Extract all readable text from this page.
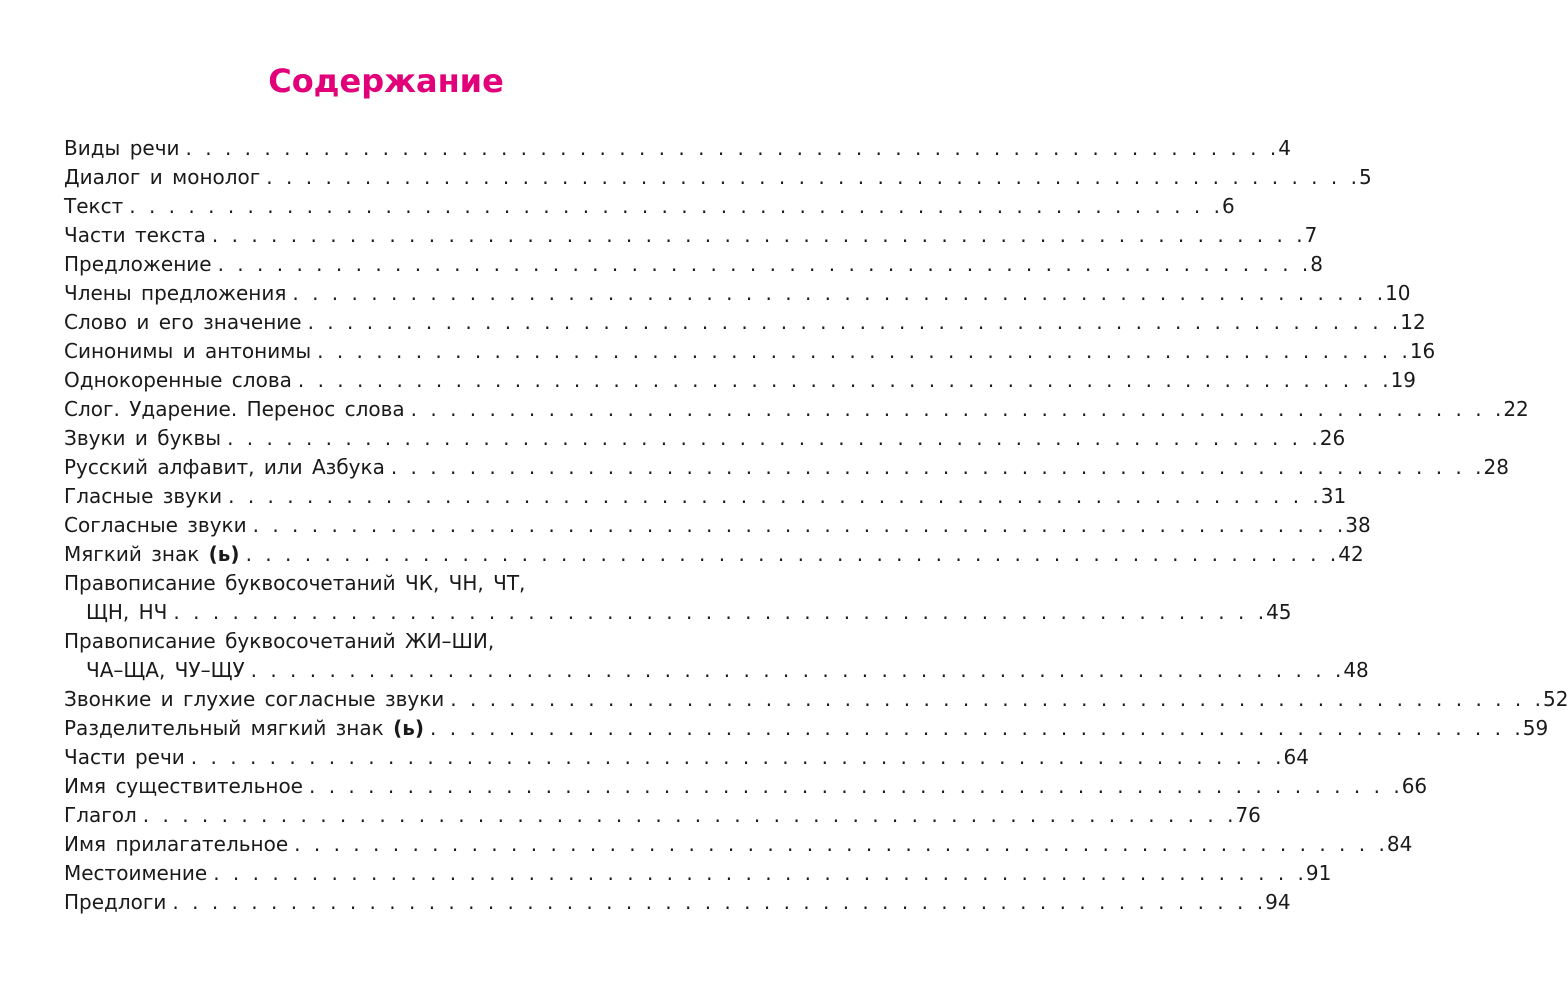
Содержание
Виды речи . . . . . . . . . . . . . . . . . . . . . . . . . . . . . . . . . . . . . . . . . . . . . . . . . . . . . . . . 4
Диалог и монолог . . . . . . . . . . . . . . . . . . . . . . . . . . . . . . . . . . . . . . . . . . . . . . . . . . . . . . . . 5
Текст . . . . . . . . . . . . . . . . . . . . . . . . . . . . . . . . . . . . . . . . . . . . . . . . . . . . . . . . 6
Части текста . . . . . . . . . . . . . . . . . . . . . . . . . . . . . . . . . . . . . . . . . . . . . . . . . . . . . . . . 7
Предложение . . . . . . . . . . . . . . . . . . . . . . . . . . . . . . . . . . . . . . . . . . . . . . . . . . . . . . . . 8
Члены предложения . . . . . . . . . . . . . . . . . . . . . . . . . . . . . . . . . . . . . . . . . . . . . . . . . . . . . . . . 10
Слово и его значение . . . . . . . . . . . . . . . . . . . . . . . . . . . . . . . . . . . . . . . . . . . . . . . . . . . . . . . . 12
Синонимы и антонимы . . . . . . . . . . . . . . . . . . . . . . . . . . . . . . . . . . . . . . . . . . . . . . . . . . . . . . . . 16
Однокоренные слова . . . . . . . . . . . . . . . . . . . . . . . . . . . . . . . . . . . . . . . . . . . . . . . . . . . . . . . . 19
Слог. Ударение. Перенос слова . . . . . . . . . . . . . . . . . . . . . . . . . . . . . . . . . . . . . . . . . . . . . . . . . . . . . . . . 22
Звуки и буквы . . . . . . . . . . . . . . . . . . . . . . . . . . . . . . . . . . . . . . . . . . . . . . . . . . . . . . . . 26
Русский алфавит, или Азбука . . . . . . . . . . . . . . . . . . . . . . . . . . . . . . . . . . . . . . . . . . . . . . . . . . . . . . . . 28
Гласные звуки . . . . . . . . . . . . . . . . . . . . . . . . . . . . . . . . . . . . . . . . . . . . . . . . . . . . . . . . 31
Согласные звуки . . . . . . . . . . . . . . . . . . . . . . . . . . . . . . . . . . . . . . . . . . . . . . . . . . . . . . . . 38
Мягкий знак (ь) . . . . . . . . . . . . . . . . . . . . . . . . . . . . . . . . . . . . . . . . . . . . . . . . . . . . . . . . 42
Правописание буквосочетаний ЧК, ЧН, ЧТ,
ЩН, НЧ . . . . . . . . . . . . . . . . . . . . . . . . . . . . . . . . . . . . . . . . . . . . . . . . . . . . . . . . 45
Правописание буквосочетаний ЖИ–ШИ,
ЧА–ЩА, ЧУ–ЩУ . . . . . . . . . . . . . . . . . . . . . . . . . . . . . . . . . . . . . . . . . . . . . . . . . . . . . . . . 48
Звонкие и глухие согласные звуки . . . . . . . . . . . . . . . . . . . . . . . . . . . . . . . . . . . . . . . . . . . . . . . . . . . . . . . . 52
Разделительный мягкий знак (ь) . . . . . . . . . . . . . . . . . . . . . . . . . . . . . . . . . . . . . . . . . . . . . . . . . . . . . . . . 59
Части речи . . . . . . . . . . . . . . . . . . . . . . . . . . . . . . . . . . . . . . . . . . . . . . . . . . . . . . . . 64
Имя существительное . . . . . . . . . . . . . . . . . . . . . . . . . . . . . . . . . . . . . . . . . . . . . . . . . . . . . . . . 66
Глагол . . . . . . . . . . . . . . . . . . . . . . . . . . . . . . . . . . . . . . . . . . . . . . . . . . . . . . . . 76
Имя прилагательное . . . . . . . . . . . . . . . . . . . . . . . . . . . . . . . . . . . . . . . . . . . . . . . . . . . . . . . . 84
Местоимение . . . . . . . . . . . . . . . . . . . . . . . . . . . . . . . . . . . . . . . . . . . . . . . . . . . . . . . . 91
Предлоги . . . . . . . . . . . . . . . . . . . . . . . . . . . . . . . . . . . . . . . . . . . . . . . . . . . . . . . . 94
